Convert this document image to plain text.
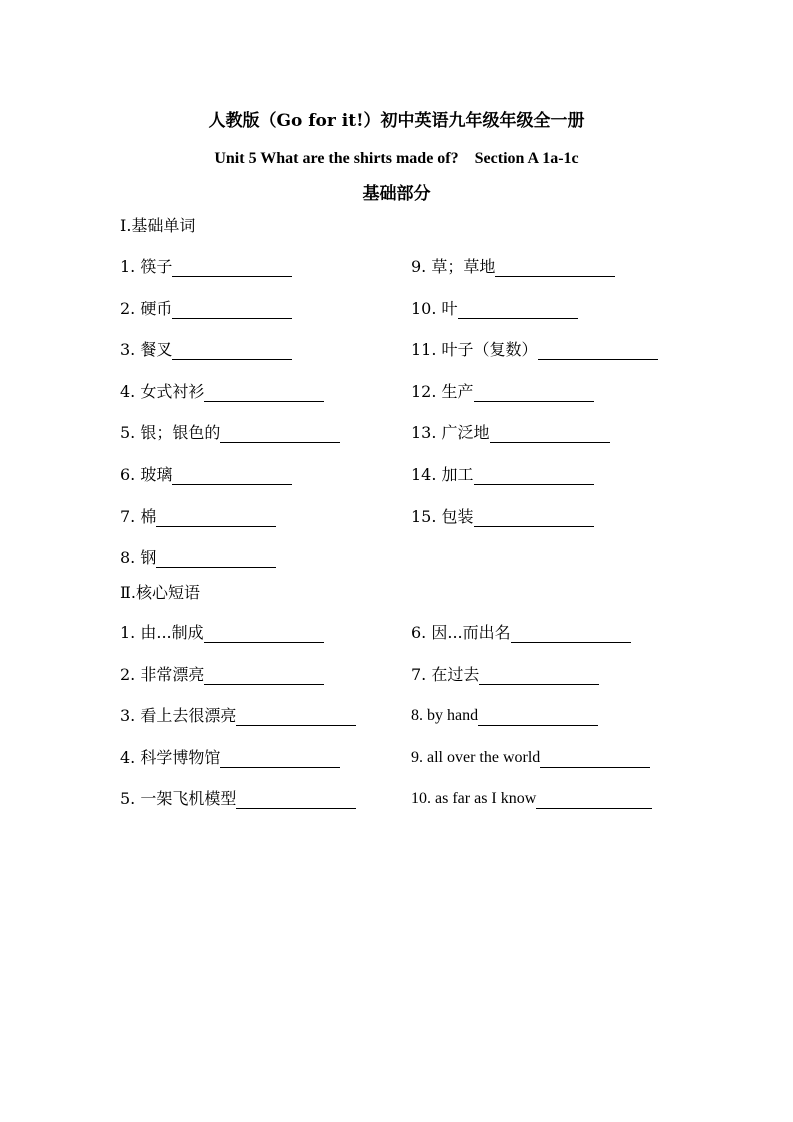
人教版（Go for it!）初中英语九年级年级全一册
Unit 5 What are the shirts made of?　Section A 1a-1c
基础部分
Ⅰ.基础单词
1. 筷子
2. 硬币
3. 餐叉
4. 女式衬衫
5. 银；银色的
6. 玻璃
7. 棉
8. 钢
9. 草；草地
10. 叶
11. 叶子（复数）
12. 生产
13. 广泛地
14. 加工
15. 包装
Ⅱ.核心短语
1. 由...制成
2. 非常漂亮
3. 看上去很漂亮
4. 科学博物馆
5. 一架飞机模型
6. 因...而出名
7. 在过去
8. by hand
9. all over the world
10. as far as I know
